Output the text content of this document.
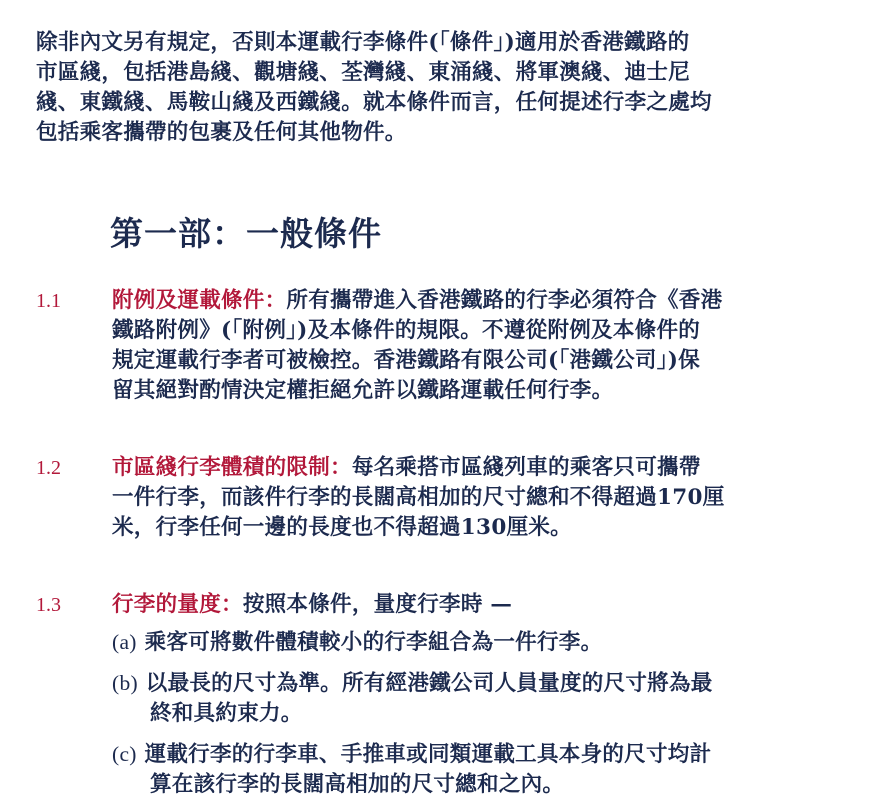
除非內文另有規定，否則本運載行李條件(「條件」)適用於香港鐵路的
市區綫，包括港島綫、觀塘綫、荃灣綫、東涌綫、將軍澳綫、迪士尼
綫、東鐵綫、馬鞍山綫及西鐵綫。就本條件而言，任何提述行李之處均
包括乘客攜帶的包裹及任何其他物件。
第一部：一般條件
1.1 附例及運載條件：所有攜帶進入香港鐵路的行李必須符合《香港
鐵路附例》(「附例」)及本條件的規限。不遵從附例及本條件的
規定運載行李者可被檢控。香港鐵路有限公司(「港鐵公司」)保
留其絕對酌情決定權拒絕允許以鐵路運載任何行李。
1.2 市區綫行李體積的限制：每名乘搭市區綫列車的乘客只可攜帶
一件行李，而該件行李的長闊高相加的尺寸總和不得超過170厘
米，行李任何一邊的長度也不得超過130厘米。
1.3 行李的量度：按照本條件，量度行李時 —
(a) 乘客可將數件體積較小的行李組合為一件行李。
(b) 以最長的尺寸為準。所有經港鐵公司人員量度的尺寸將為最
終和具約束力。
(c) 運載行李的行李車、手推車或同類運載工具本身的尺寸均計
算在該行李的長闊高相加的尺寸總和之內。
